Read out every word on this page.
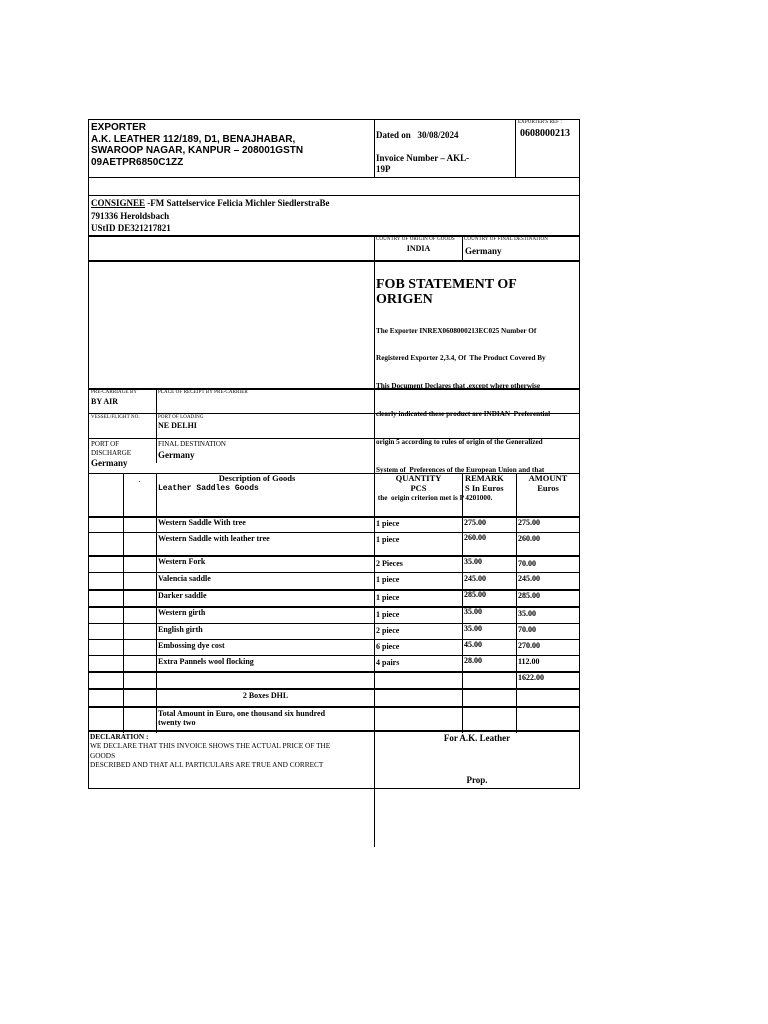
EXPORTER
A.K. LEATHER 112/189, D1, BENAJHABAR,
SWAROOP NAGAR, KANPUR – 208001GSTN
09AETPR6850C1ZZ
Dated on 30/08/2024
Invoice Number – AKL-
19P
EXPORTER'S REF :
0608000213
CONSIGNEE -FM Sattelservice Felicia Michler SiedlerstraBe
791336 Heroldsbach
UStID DE321217821
COUNTRY OF ORIGIN OF GOODS
INDIA
COUNTRY OF FINAL DESTINATION
Germany
FOB STATEMENT OF
ORIGEN

The Exporter INREX0608000213EC025 Number Of

Registered Exporter 2,3.4, Of  The Product Covered By

This Document Declares that ,except where otherwise

clearly indicated these product are INDIAN  Preferential

origin 5 according to rules of origin of the Generalized

System of  Preferences of the European Union and that

the  origin criterion met is P 4201000.

PRE-CARRIAGE BY
BY AIR
PLACE OF RECEIPT BY PRE-CARRIER
VESSEL/FLIGHT NO.	PORT OF LOADING
NE DELHI
PORT OF
DISCHARGE
Germany
FINAL DESTINATION
Germany
.	Description of Goods
Leather Saddles Goods
QUANTITY
PCS
REMARK
S In Euros
AMOUNT
Euros
Western Saddle With tree	1 piece	275.00	275.00
Western Saddle with leather tree	1 piece	260.00	260.00
Western Fork	2 Pieces	35.00	70.00
Valencia saddle	1 piece	245.00	245.00
Darker saddle	1 piece	285.00	285.00
Western girth	1 piece	35.00	35.00
English girth	2 piece	35.00	70.00
Embossing dye cost	6 piece	45.00	270.00
Extra Pannels wool flocking	4 pairs	28.00	112.00
1622.00
2 Boxes DHL
Total Amount in Euro, one thousand six hundred
twenty two
DECLARATION :
WE DECLARE THAT THIS INVOICE SHOWS THE ACTUAL PRICE OF THE
GOODS
DESCRIBED AND THAT ALL PARTICULARS ARE TRUE AND CORRECT
For A.K. Leather
Prop.
